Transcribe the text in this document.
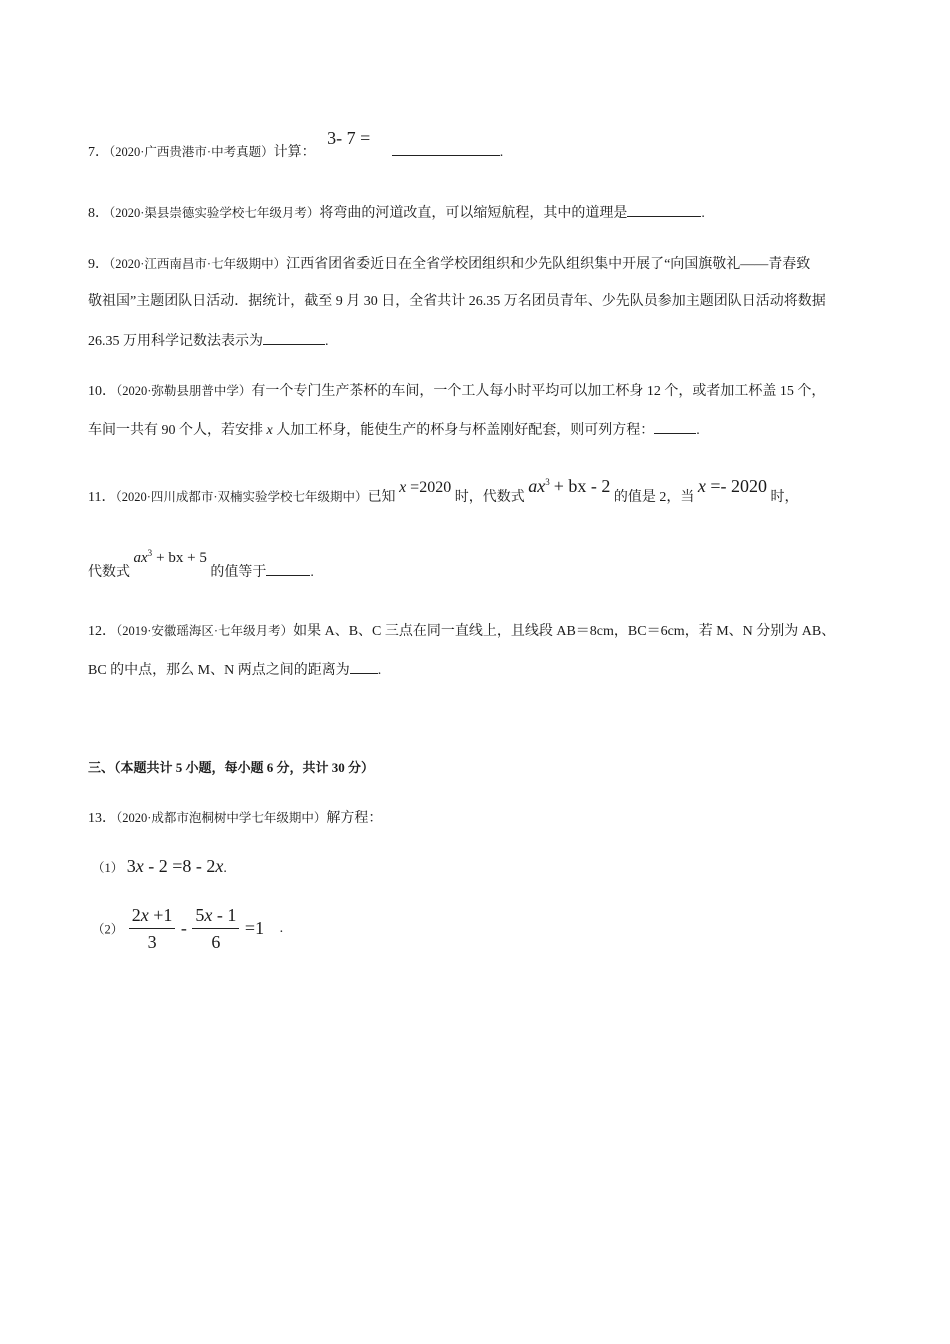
7．（2020·广西贵港市·中考真题）计算： 3- 7 = .
8．（2020·渠县崇德实验学校七年级月考）将弯曲的河道改直，可以缩短航程，其中的道理是	.
9．（2020·江西南昌市·七年级期中）江西省团省委近日在全省学校团组织和少先队组织集中开展了“向国旗敬礼——青春致
敬祖国”主题团队日活动．据统计，截至 9 月 30 日，全省共计 26.35 万名团员青年、少先队员参加主题团队日活动将数据
26.35 万用科学记数法表示为	.
10．（2020·弥勒县朋普中学）有一个专门生产茶杯的车间，一个工人每小时平均可以加工杯身 12 个，或者加工杯盖 15 个，
车间一共有 90 个人，若安排 x 人加工杯身，能使生产的杯身与杯盖刚好配套，则可列方程：	.
11．（2020·四川成都市·双楠实验学校七年级期中）已知 x =2020 时，代数式 $ax^3$ + bx - 2 的值是 2，当 x =- 2020 时，
代数式 $ax^3$ + bx + 5 的值等于	.
12．（2019·安徽瑶海区·七年级月考）如果 A、B、C 三点在同一直线上，且线段 AB＝8cm，BC＝6cm，若 M、N 分别为 AB、
BC 的中点，那么 M、N 两点之间的距离为 .
三、（本题共计 5 小题，每小题 6 分，共计 30 分）
13．（2020·成都市泡桐树中学七年级期中）解方程：
（1） 3x - 2 =8 - 2x.
$(2) \frac{2x +1}{3} - \frac{5x - 1}{6} =1$ .
